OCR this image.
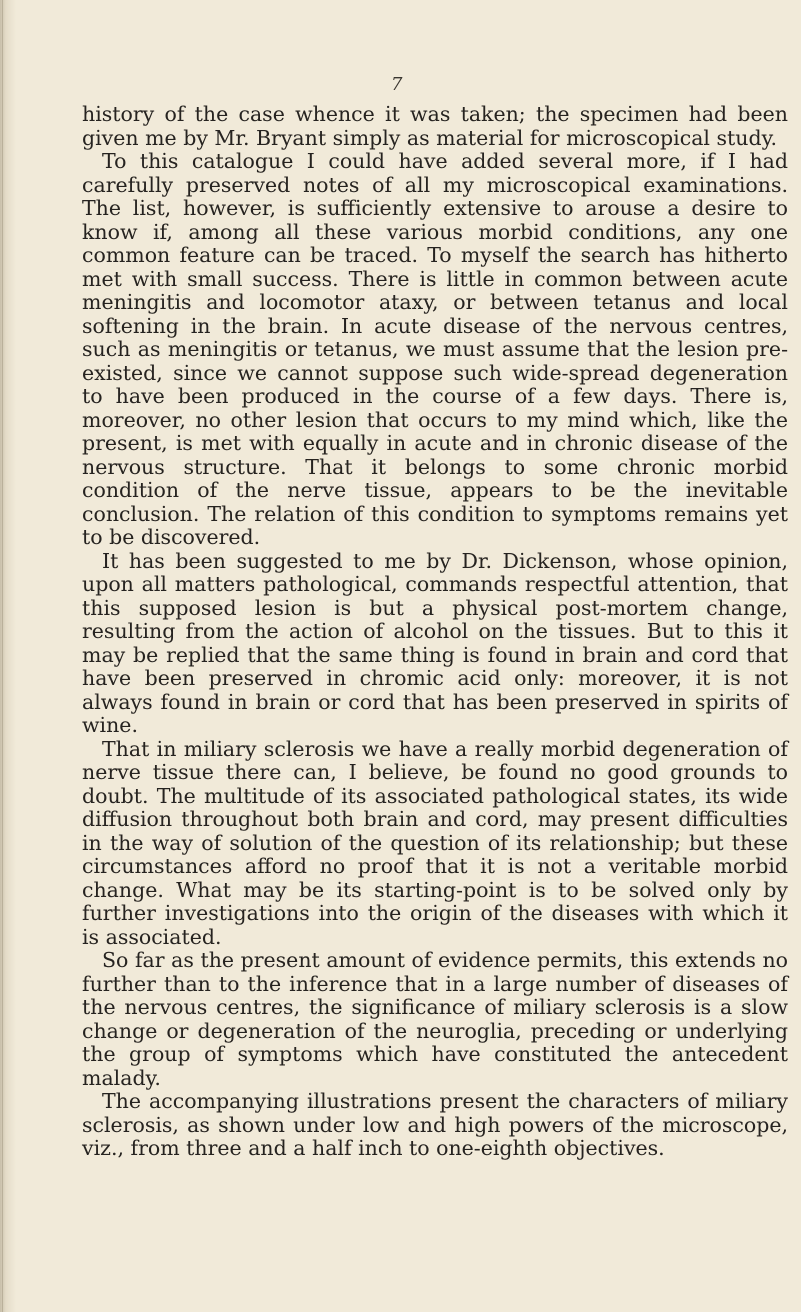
7

history of the case whence it was taken; the specimen had been given me by Mr. Bryant simply as material for microscopical study.

To this catalogue I could have added several more, if I had carefully preserved notes of all my microscopical examinations. The list, however, is sufficiently extensive to arouse a desire to know if, among all these various morbid conditions, any one common feature can be traced. To myself the search has hitherto met with small success. There is little in common between acute meningitis and locomotor ataxy, or between tetanus and local softening in the brain. In acute disease of the nervous centres, such as meningitis or tetanus, we must assume that the lesion pre-existed, since we cannot suppose such wide-spread degeneration to have been produced in the course of a few days. There is, moreover, no other lesion that occurs to my mind which, like the present, is met with equally in acute and in chronic disease of the nervous structure. That it belongs to some chronic morbid condition of the nerve tissue, appears to be the inevitable conclusion. The relation of this condition to symptoms remains yet to be discovered.

It has been suggested to me by Dr. Dickenson, whose opinion, upon all matters pathological, commands respectful attention, that this supposed lesion is but a physical post-mortem change, resulting from the action of alcohol on the tissues. But to this it may be replied that the same thing is found in brain and cord that have been preserved in chromic acid only: moreover, it is not always found in brain or cord that has been preserved in spirits of wine.

That in miliary sclerosis we have a really morbid degeneration of nerve tissue there can, I believe, be found no good grounds to doubt. The multitude of its associated pathological states, its wide diffusion throughout both brain and cord, may present difficulties in the way of solution of the question of its relationship; but these circumstances afford no proof that it is not a veritable morbid change. What may be its starting-point is to be solved only by further investigations into the origin of the diseases with which it is associated.

So far as the present amount of evidence permits, this extends no further than to the inference that in a large number of diseases of the nervous centres, the significance of miliary sclerosis is a slow change or degeneration of the neuroglia, preceding or underlying the group of symptoms which have constituted the antecedent malady.

The accompanying illustrations present the characters of miliary sclerosis, as shown under low and high powers of the microscope, viz., from three and a half inch to one-eighth objectives.
